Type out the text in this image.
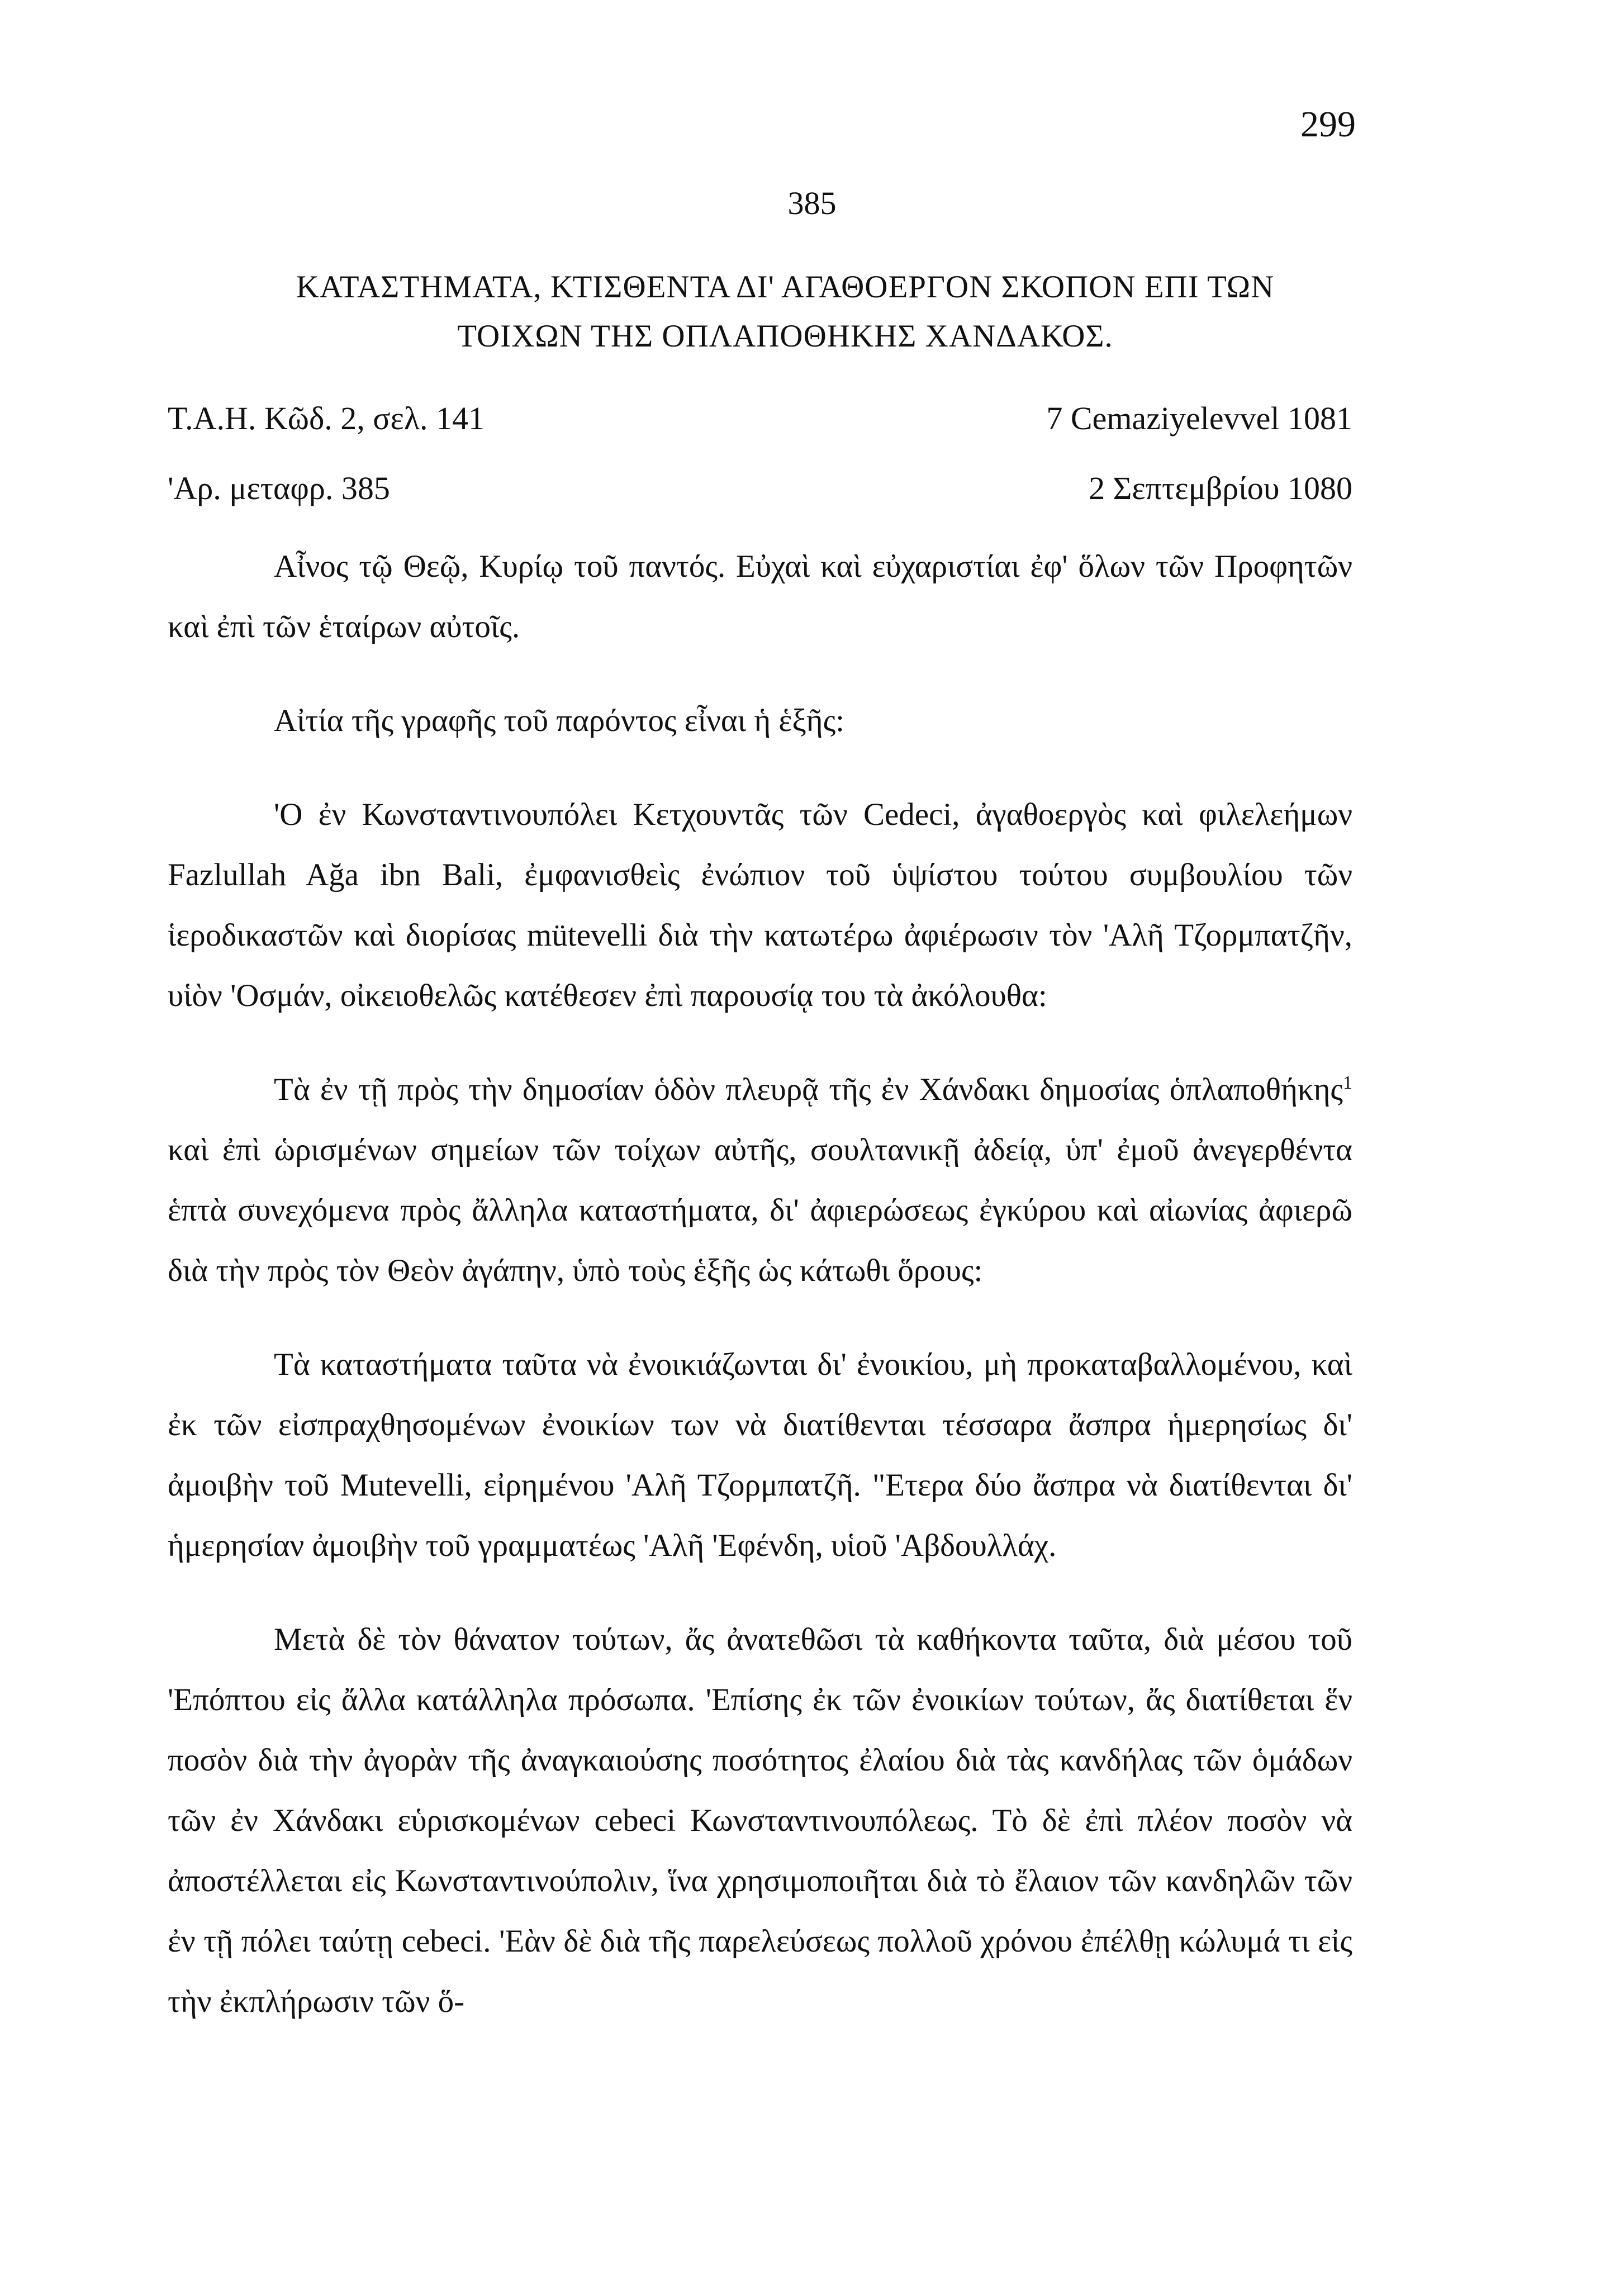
299
385
ΚΑΤΑΣΤΗΜΑΤΑ, ΚΤΙΣΘΕΝΤΑ ΔΙ' ΑΓΑΘΟΕΡΓΟΝ ΣΚΟΠΟΝ ΕΠΙ ΤΩΝ
ΤΟΙΧΩΝ ΤΗΣ ΟΠΛΑΠΟΘΗΚΗΣ ΧΑΝΔΑΚΟΣ.
Τ.Α.Η. Κῶδ. 2, σελ. 141	7 Cemaziyelevvel 1081
'Αρ. μεταφρ. 385	2 Σεπτεμβρίου 1080

Αἶνος τῷ Θεῷ, Κυρίῳ τοῦ παντός. Εὐχαὶ καὶ εὐχαριστίαι ἐφ' ὅλων τῶν Προφητῶν καὶ ἐπὶ τῶν ἑταίρων αὐτοῖς.

Αἰτία τῆς γραφῆς τοῦ παρόντος εἶναι ἡ ἑξῆς:

'Ο ἐν Κωνσταντινουπόλει Κετχουντᾶς τῶν Cedeci, ἀγαθοεργὸς καὶ φιλελεήμων Fazlullah Ağa ibn Bali, ἐμφανισθεὶς ἐνώπιον τοῦ ὑψίστου τούτου συμβουλίου τῶν ἱεροδικαστῶν καὶ διορίσας mütevelli διὰ τὴν κατωτέρω ἀφιέρωσιν τὸν 'Αλῆ Τζορμπατζῆν, υἱὸν 'Οσμάν, οἰκειοθελῶς κατέθεσεν ἐπὶ παρουσίᾳ του τὰ ἀκόλουθα:

Τὰ ἐν τῇ πρὸς τὴν δημοσίαν ὁδὸν πλευρᾷ τῆς ἐν Χάνδακι δημοσίας ὁπλαποθήκης$^1$ καὶ ἐπὶ ὡρισμένων σημείων τῶν τοίχων αὐτῆς, σουλτανικῇ ἀδείᾳ, ὑπ' ἐμοῦ ἀνεγερθέντα ἑπτὰ συνεχόμενα πρὸς ἄλληλα καταστήματα, δι' ἀφιερώσεως ἐγκύρου καὶ αἰωνίας ἀφιερῶ διὰ τὴν πρὸς τὸν Θεὸν ἀγάπην, ὑπὸ τοὺς ἑξῆς ὡς κάτωθι ὅρους:

Τὰ καταστήματα ταῦτα νὰ ἐνοικιάζωνται δι' ἐνοικίου, μὴ προκαταβαλλομένου, καὶ ἐκ τῶν εἰσπραχθησομένων ἐνοικίων των νὰ διατίθενται τέσσαρα ἄσπρα ἡμερησίως δι' ἀμοιβὴν τοῦ Mutevelli, εἰρημένου 'Αλῆ Τζορμπατζῆ. "Ετερα δύο ἄσπρα νὰ διατίθενται δι' ἡμερησίαν ἀμοιβὴν τοῦ γραμματέως 'Αλῆ 'Εφένδη, υἱοῦ 'Αβδουλλάχ.

Μετὰ δὲ τὸν θάνατον τούτων, ἄς ἀνατεθῶσι τὰ καθήκοντα ταῦτα, διὰ μέσου τοῦ 'Επόπτου εἰς ἄλλα κατάλληλα πρόσωπα. 'Επίσης ἐκ τῶν ἐνοικίων τούτων, ἄς διατίθεται ἕν ποσὸν διὰ τὴν ἀγορὰν τῆς ἀναγκαιούσης ποσότητος ἐλαίου διὰ τὰς κανδήλας τῶν ὁμάδων τῶν ἐν Χάνδακι εὑρισκομένων cebeci Κωνσταντινουπόλεως. Τὸ δὲ ἐπὶ πλέον ποσὸν νὰ ἀποστέλλεται εἰς Κωνσταντινούπολιν, ἵνα χρησιμοποιῆται διὰ τὸ ἔλαιον τῶν κανδηλῶν τῶν ἐν τῇ πόλει ταύτῃ cebeci. 'Εὰν δὲ διὰ τῆς παρελεύσεως πολλοῦ χρόνου ἐπέλθῃ κώλυμά τι εἰς τὴν ἐκπλήρωσιν τῶν ὅ-
